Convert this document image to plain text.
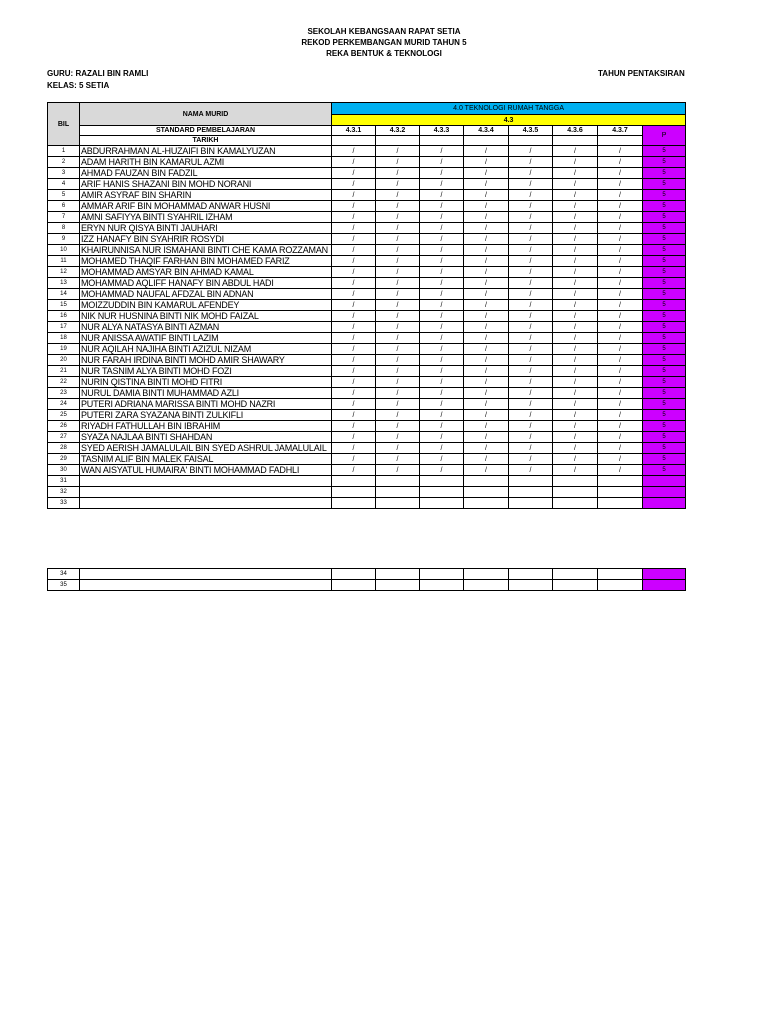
SEKOLAH KEBANGSAAN RAPAT SETIA
REKOD PERKEMBANGAN MURID TAHUN 5
REKA BENTUK & TEKNOLOGI
GURU: RAZALI BIN RAMLI
KELAS: 5 SETIA
TAHUN PENTAKSIRAN
BIL	NAMA MURID	4.0 TEKNOLOGI RUMAH TANGGA							
		4.3							
	STANDARD PEMBELAJARAN	4.3.1	4.3.2	4.3.3	4.3.4	4.3.5	4.3.6	4.3.7	P
	TARIKH								
1	ABDURRAHMAN AL-HUZAIFI BIN KAMALYUZAN	/	/	/	/	/	/	/	5
2	ADAM HARITH BIN KAMARUL AZMI	/	/	/	/	/	/	/	5
3	AHMAD FAUZAN BIN FADZIL	/	/	/	/	/	/	/	5
4	ARIF HANIS SHAZANI BIN MOHD NORANI	/	/	/	/	/	/	/	5
5	AMIR ASYRAF BIN SHARIN	/	/	/	/	/	/	/	5
6	AMMAR ARIF BIN MOHAMMAD ANWAR HUSNI	/	/	/	/	/	/	/	5
7	AMNI SAFIYYA BINTI SYAHRIL IZHAM	/	/	/	/	/	/	/	5
8	ERYN NUR QISYA BINTI JAUHARI	/	/	/	/	/	/	/	5
9	IZZ HANAFY BIN SYAHRIR ROSYDI	/	/	/	/	/	/	/	5
10	KHAIRUNNISA NUR ISMAHANI BINTI CHE KAMA ROZZAMAN	/	/	/	/	/	/	/	5
11	MOHAMED THAQIF FARHAN BIN MOHAMED FARIZ	/	/	/	/	/	/	/	5
12	MOHAMMAD AMSYAR BIN AHMAD KAMAL	/	/	/	/	/	/	/	5
13	MOHAMMAD AQLIFF HANAFY BIN ABDUL HADI	/	/	/	/	/	/	/	5
14	MOHAMMAD NAUFAL AFDZAL BIN ADNAN	/	/	/	/	/	/	/	5
15	MOIZZUDDIN BIN KAMARUL AFENDEY	/	/	/	/	/	/	/	5
16	NIK NUR HUSNINA BINTI NIK MOHD FAIZAL	/	/	/	/	/	/	/	5
17	NUR ALYA NATASYA BINTI AZMAN	/	/	/	/	/	/	/	5
18	NUR ANISSA AWATIF BINTI LAZIM	/	/	/	/	/	/	/	5
19	NUR AQILAH NAJIHA BINTI AZIZUL NIZAM	/	/	/	/	/	/	/	5
20	NUR FARAH IRDINA BINTI MOHD AMIR SHAWARY	/	/	/	/	/	/	/	5
21	NUR TASNIM ALYA BINTI MOHD FOZI	/	/	/	/	/	/	/	5
22	NURIN QISTINA BINTI MOHD FITRI	/	/	/	/	/	/	/	5
23	NURUL DAMIA BINTI MUHAMMAD AZLI	/	/	/	/	/	/	/	5
24	PUTERI ADRIANA MARISSA BINTI MOHD NAZRI	/	/	/	/	/	/	/	5
25	PUTERI ZARA SYAZANA BINTI ZULKIFLI	/	/	/	/	/	/	/	5
26	RIYADH FATHULLAH BIN IBRAHIM	/	/	/	/	/	/	/	5
27	SYAZA NAJLAA BINTI SHAHDAN	/	/	/	/	/	/	/	5
28	SYED AERISH JAMALULAIL BIN SYED ASHRUL JAMALULAIL	/	/	/	/	/	/	/	5
29	TASNIM ALIF BIN MALEK FAISAL	/	/	/	/	/	/	/	5
30	WAN AISYATUL HUMAIRA' BINTI MOHAMMAD FADHLI	/	/	/	/	/	/	/	5
31									
32									
33									
34									
35									
